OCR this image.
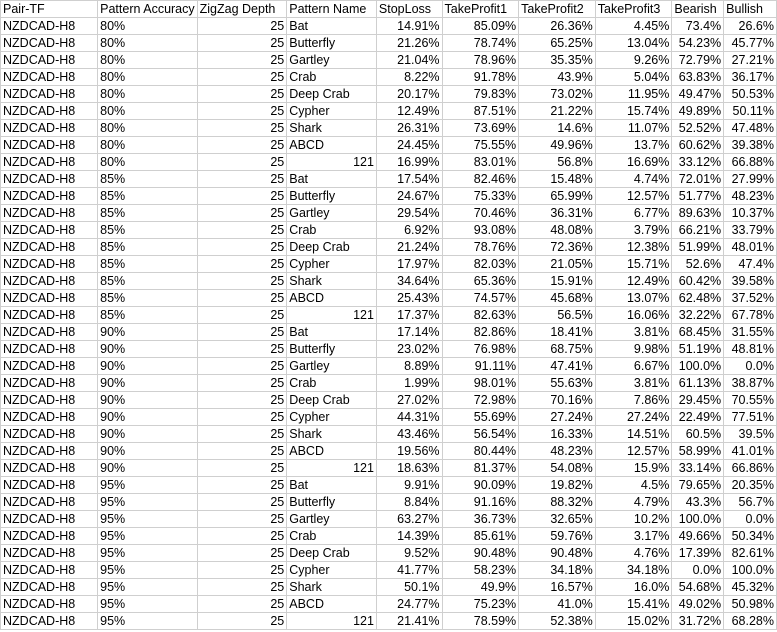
Pair-TF	Pattern Accuracy	ZigZag Depth	Pattern Name	StopLoss	TakeProfit1	TakeProfit2	TakeProfit3	Bearish	Bullish
NZDCAD-H8	80%	25	Bat	14.91%	85.09%	26.36%	4.45%	73.4%	26.6%
NZDCAD-H8	80%	25	Butterfly	21.26%	78.74%	65.25%	13.04%	54.23%	45.77%
NZDCAD-H8	80%	25	Gartley	21.04%	78.96%	35.35%	9.26%	72.79%	27.21%
NZDCAD-H8	80%	25	Crab	8.22%	91.78%	43.9%	5.04%	63.83%	36.17%
NZDCAD-H8	80%	25	Deep Crab	20.17%	79.83%	73.02%	11.95%	49.47%	50.53%
NZDCAD-H8	80%	25	Cypher	12.49%	87.51%	21.22%	15.74%	49.89%	50.11%
NZDCAD-H8	80%	25	Shark	26.31%	73.69%	14.6%	11.07%	52.52%	47.48%
NZDCAD-H8	80%	25	ABCD	24.45%	75.55%	49.96%	13.7%	60.62%	39.38%
NZDCAD-H8	80%	25	121	16.99%	83.01%	56.8%	16.69%	33.12%	66.88%
NZDCAD-H8	85%	25	Bat	17.54%	82.46%	15.48%	4.74%	72.01%	27.99%
NZDCAD-H8	85%	25	Butterfly	24.67%	75.33%	65.99%	12.57%	51.77%	48.23%
NZDCAD-H8	85%	25	Gartley	29.54%	70.46%	36.31%	6.77%	89.63%	10.37%
NZDCAD-H8	85%	25	Crab	6.92%	93.08%	48.08%	3.79%	66.21%	33.79%
NZDCAD-H8	85%	25	Deep Crab	21.24%	78.76%	72.36%	12.38%	51.99%	48.01%
NZDCAD-H8	85%	25	Cypher	17.97%	82.03%	21.05%	15.71%	52.6%	47.4%
NZDCAD-H8	85%	25	Shark	34.64%	65.36%	15.91%	12.49%	60.42%	39.58%
NZDCAD-H8	85%	25	ABCD	25.43%	74.57%	45.68%	13.07%	62.48%	37.52%
NZDCAD-H8	85%	25	121	17.37%	82.63%	56.5%	16.06%	32.22%	67.78%
NZDCAD-H8	90%	25	Bat	17.14%	82.86%	18.41%	3.81%	68.45%	31.55%
NZDCAD-H8	90%	25	Butterfly	23.02%	76.98%	68.75%	9.98%	51.19%	48.81%
NZDCAD-H8	90%	25	Gartley	8.89%	91.11%	47.41%	6.67%	100.0%	0.0%
NZDCAD-H8	90%	25	Crab	1.99%	98.01%	55.63%	3.81%	61.13%	38.87%
NZDCAD-H8	90%	25	Deep Crab	27.02%	72.98%	70.16%	7.86%	29.45%	70.55%
NZDCAD-H8	90%	25	Cypher	44.31%	55.69%	27.24%	27.24%	22.49%	77.51%
NZDCAD-H8	90%	25	Shark	43.46%	56.54%	16.33%	14.51%	60.5%	39.5%
NZDCAD-H8	90%	25	ABCD	19.56%	80.44%	48.23%	12.57%	58.99%	41.01%
NZDCAD-H8	90%	25	121	18.63%	81.37%	54.08%	15.9%	33.14%	66.86%
NZDCAD-H8	95%	25	Bat	9.91%	90.09%	19.82%	4.5%	79.65%	20.35%
NZDCAD-H8	95%	25	Butterfly	8.84%	91.16%	88.32%	4.79%	43.3%	56.7%
NZDCAD-H8	95%	25	Gartley	63.27%	36.73%	32.65%	10.2%	100.0%	0.0%
NZDCAD-H8	95%	25	Crab	14.39%	85.61%	59.76%	3.17%	49.66%	50.34%
NZDCAD-H8	95%	25	Deep Crab	9.52%	90.48%	90.48%	4.76%	17.39%	82.61%
NZDCAD-H8	95%	25	Cypher	41.77%	58.23%	34.18%	34.18%	0.0%	100.0%
NZDCAD-H8	95%	25	Shark	50.1%	49.9%	16.57%	16.0%	54.68%	45.32%
NZDCAD-H8	95%	25	ABCD	24.77%	75.23%	41.0%	15.41%	49.02%	50.98%
NZDCAD-H8	95%	25	121	21.41%	78.59%	52.38%	15.02%	31.72%	68.28%
